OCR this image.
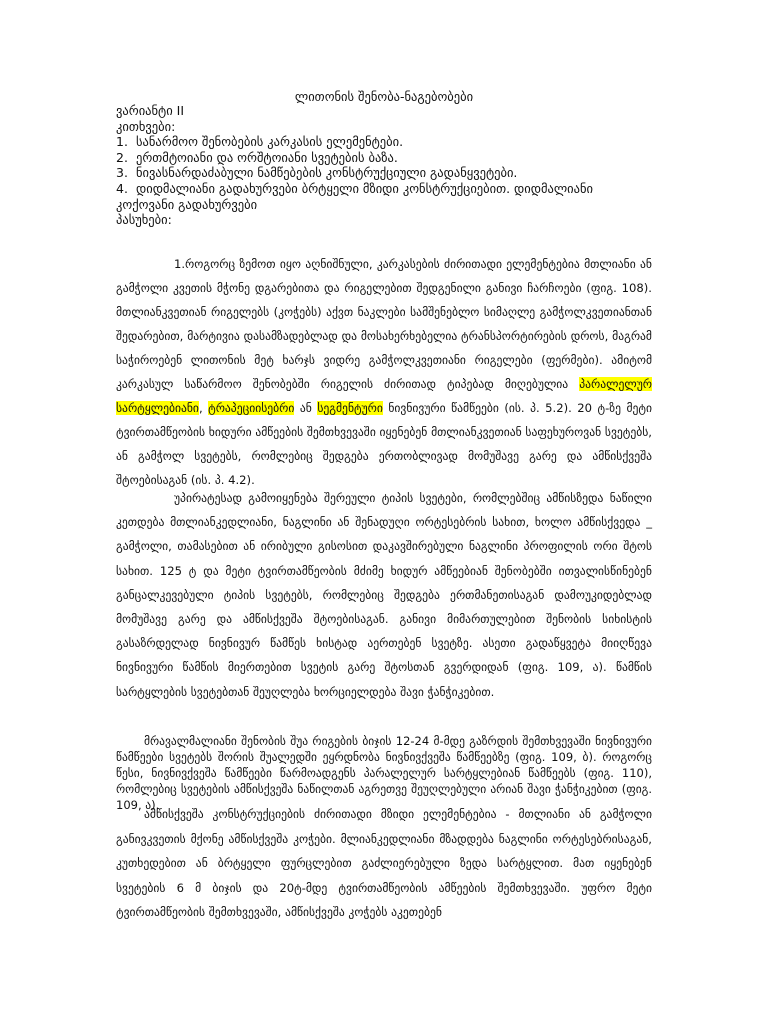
ლითონის შენობა-ნაგებობები
ვარიანტი II
კითხვები:
1. სანარმოო შენობების კარკასის ელემენტები.
2. ერთმტოიანი და ორშტოიანი სვეტების ბაზა.
3. ნივასნარდაძაბული ნამწებების კონსტრუქციული გადანყვეტები.
4. დიდმალიანი გადახურვები ბრტყელი მზიდი კონსტრუქციებით. დიდმალიანი
კოქოვანი გადახურვები
პასუხები:
1.როგორც ზემოთ იყო აღნიშნული, კარკასების ძირითადი ელემენტებია მთლიანი ან გამჭოლი კვეთის მჭონე დგარებითა და რიგელებით შედგენილი განივი ჩარჩოები (ფიგ. 108). მთლიანკვეთიან რიგელებს (კოჭებს) აქვთ ნაკლები სამშენებლო სიმაღლე გამჭოლკვეთიანთან შედარებით, მარტივია დასამზადებლად და მოსახერხებელია ტრანსპორტირების დროს, მაგრამ საჭიროებენ ლითონის მეტ ხარჯს ვიდრე გამჭოლკვეთიანი რიგელები (ფერმები). ამიტომ კარკასულ საწარმოო შენობებში რიგელის ძირითად ტიპებად მიღებულია პარალელურ სარტყლებიანი, ტრაპეციისებრი ან სეგმენტური ნივნივური წამწეები (ის. პ. 5.2). 20 ტ-ზე მეტი ტვირთამწეობის ხიდური ამწეების შემთხვევაში იყენებენ მთლიანკვეთიან საფეხუროვან სვეტებს, ან გამჭოლ სვეტებს, რომლებიც შედგება ერთობლივად მომუშავე გარე და ამწისქვეშა შტოებისაგან (ის. პ. 4.2).
უპირატესად გამოიყენება შერეული ტიპის სვეტები, რომლებშიც ამწისზედა ნაწილი კეთდება მთლიანკედლიანი, ნაგლინი ან შენადუღი ორტესებრის სახით, ხოლო ამწისქვედა _ გამჭოლი, თამასებით ან ირიბული გისოსით დაკავშირებული ნაგლინი პროფილის ორი შტოს სახით. 125 ტ და მეტი ტვირთამწეობის მძიმე ხიდურ ამწეებიან შენობებში ითვალისწინებენ განცალკევებული ტიპის სვეტებს, რომლებიც შედგება ერთმანეთისაგან დამოუკიდებლად მომუშავე გარე და ამწისქვეშა შტოებისაგან. განივი მიმართულებით შენობის სიხისტის გასაზრდელად ნივნივურ წამწეს ხისტად აერთებენ სვეტზე. ასეთი გადაწყვეტა მიიღწევა ნივნივური წამწის მიერთებით სვეტის გარე შტოსთან გვერდიდან (ფიგ. 109, ა). წამწის სარტყლების სვეტებთან შეუღლება ხორციელდება შავი ჭანჭიკებით.
მრავალმალიანი შენობის შუა რიგების ბიჯის 12-24 მ-მდე გაზრდის შემთხვევაში ნივნივური წამწეები სვეტებს შორის შუალედში ეყრდნობა ნივნივქვეშა წამწეებზე (ფიგ. 109, ბ). როგორც წესი, ნივნივქვეშა წამწეები წარმოადგენს პარალელურ სარტყლებიან წამწეებს (ფიგ. 110), რომლებიც სვეტების ამწისქვეშა ნაწილთან აგრეთვე შეუღლებული არიან შავი ჭანჭიკებით (ფიგ. 109, ა).
ამწისქვეშა კონსტრუქციების ძირითადი მზიდი ელემენტებია - მთლიანი ან გამჭოლი განივკვეთის მქონე ამწისქვეშა კოჭები. მლიანკედლიანი მზადდება ნაგლინი ორტესებრისაგან, კუთხედებით ან ბრტყელი ფურცლებით გაძლიერებული ზედა სარტყლით. მათ იყენებენ სვეტების 6 მ ბიჯის და 20ტ-მდე ტვირთამწეობის ამწეების შემთხვევაში. უფრო მეტი ტვირთამწეობის შემთხვევაში, ამწისქვეშა კოჭებს აკეთებენ
